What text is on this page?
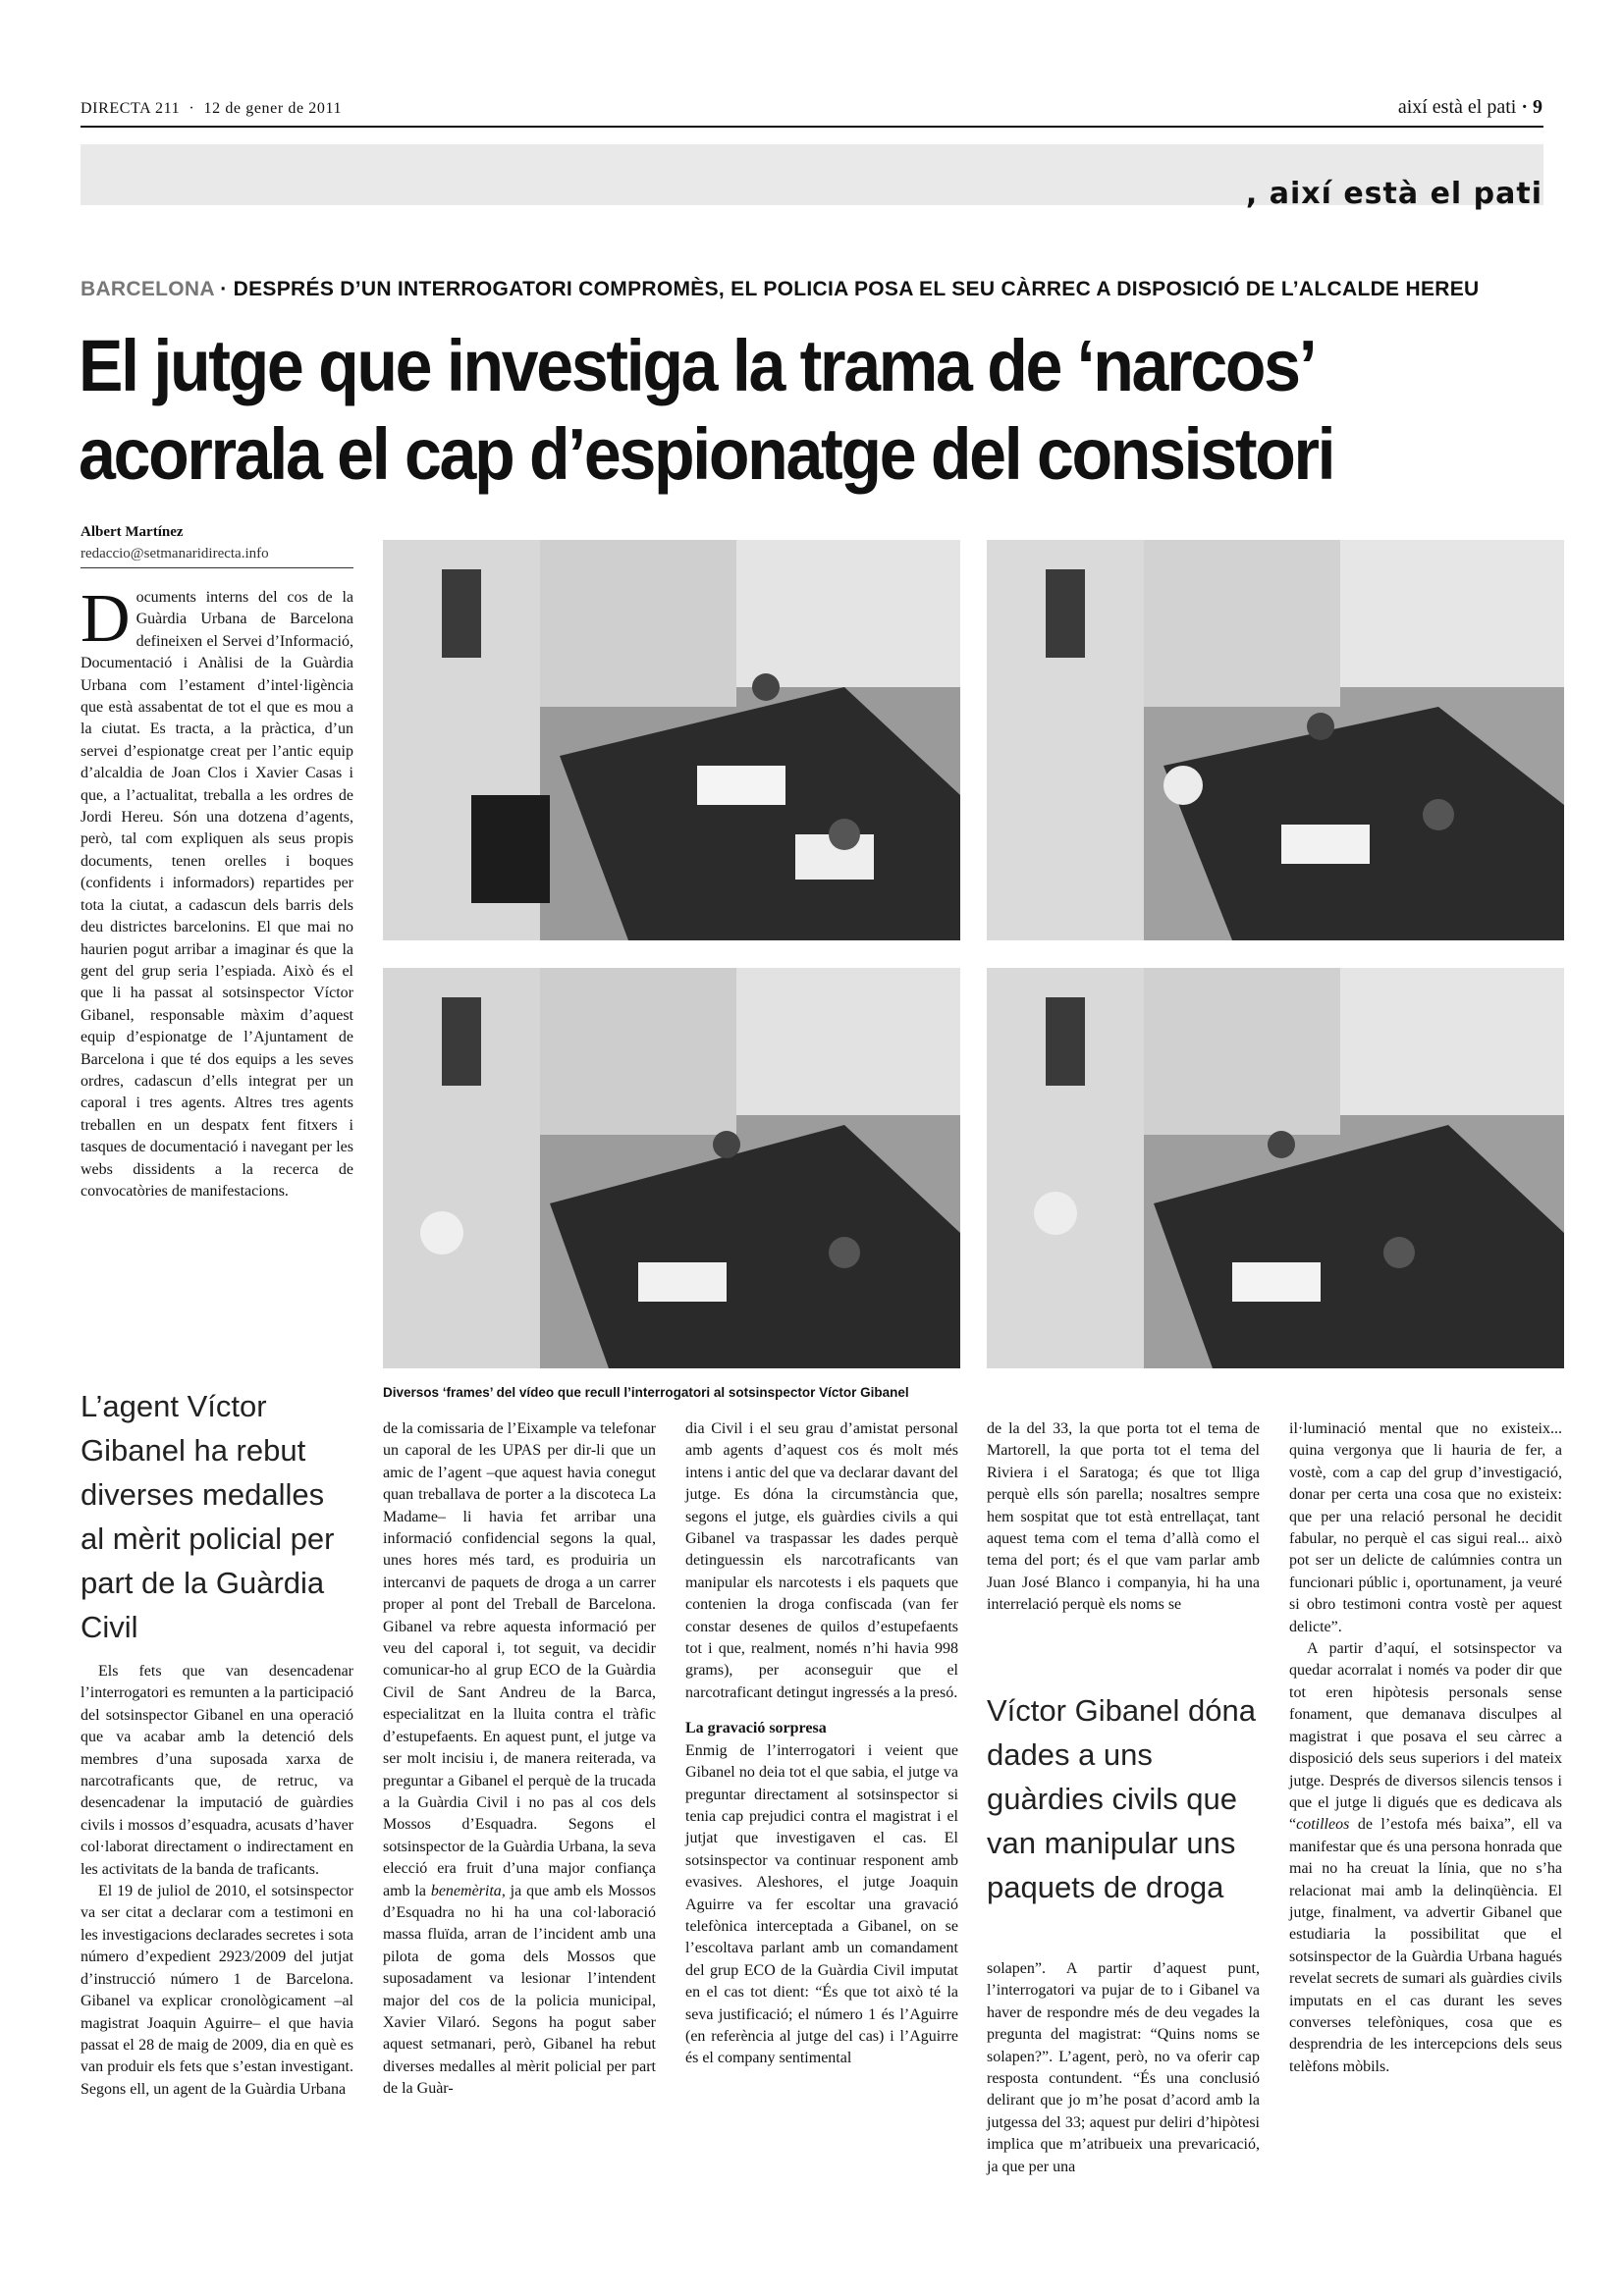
DIRECTA 211 · 12 de gener de 2011	així està el pati · 9
, així està el pati
BARCELONA · DESPRÉS D’UN INTERROGATORI COMPROMÈS, EL POLICIA POSA EL SEU CÀRREC A DISPOSICIÓ DE L’ALCALDE HEREU
El jutge que investiga la trama de ‘narcos’
acorrala el cap d’espionatge del consistori
Albert Martínez
redaccio@setmanaridirecta.info

Documents interns del cos de la Guàrdia Urbana de Barcelona defineixen el Servei d’Informació, Documentació i Anàlisi de la Guàrdia Urbana com l’estament d’intel·ligència que està assabentat de tot el que es mou a la ciutat. Es tracta, a la pràctica, d’un servei d’espionatge creat per l’antic equip d’alcaldia de Joan Clos i Xavier Casas i que, a l’actualitat, treballa a les ordres de Jordi Hereu. Són una dotzena d’agents, però, tal com expliquen als seus propis documents, tenen orelles i boques (confidents i informadors) repartides per tota la ciutat, a cadascun dels barris dels deu districtes barcelonins. El que mai no haurien pogut arribar a imaginar és que la gent del grup seria l’espiada. Això és el que li ha passat al sotsinspector Víctor Gibanel, responsable màxim d’aquest equip d’espionatge de l’Ajuntament de Barcelona i que té dos equips a les seves ordres, cadascun d’ells integrat per un caporal i tres agents. Altres tres agents treballen en un despatx fent fitxers i tasques de documentació i navegant per les webs dissidents a la recerca de convocatòries de manifestacions.

Diversos ‘frames’ del vídeo que recull l’interrogatori al sotsinspector Víctor Gibanel
L’agent Víctor Gibanel ha rebut diverses medalles al mèrit policial per part de la Guàrdia Civil

Els fets que van desencadenar l’interrogatori es remunten a la participació del sotsinspector Gibanel en una operació que va acabar amb la detenció dels membres d’una suposada xarxa de narcotraficants que, de retruc, va desencadenar la imputació de guàrdies civils i mossos d’esquadra, acusats d’haver col·laborat directament o indirectament en les activitats de la banda de traficants.

El 19 de juliol de 2010, el sotsinspector va ser citat a declarar com a testimoni en les investigacions declarades secretes i sota número d’expedient 2923/2009 del jutjat d’instrucció número 1 de Barcelona. Gibanel va explicar cronològicament –al magistrat Joaquin Aguirre– el que havia passat el 28 de maig de 2009, dia en què es van produir els fets que s’estan investigant. Segons ell, un agent de la Guàrdia Urbana

de la comissaria de l’Eixample va telefonar un caporal de les UPAS per dir-li que un amic de l’agent –que aquest havia conegut quan treballava de porter a la discoteca La Madame– li havia fet arribar una informació confidencial segons la qual, unes hores més tard, es produiria un intercanvi de paquets de droga a un carrer proper al pont del Treball de Barcelona. Gibanel va rebre aquesta informació per veu del caporal i, tot seguit, va decidir comunicar-ho al grup ECO de la Guàrdia Civil de Sant Andreu de la Barca, especialitzat en la lluita contra el tràfic d’estupefaents. En aquest punt, el jutge va ser molt incisiu i, de manera reiterada, va preguntar a Gibanel el perquè de la trucada a la Guàrdia Civil i no pas al cos dels Mossos d’Esquadra. Segons el sotsinspector de la Guàrdia Urbana, la seva elecció era fruit d’una major confiança amb la benemèrita, ja que amb els Mossos d’Esquadra no hi ha una col·laboració massa fluïda, arran de l’incident amb una pilota de goma dels Mossos que suposadament va lesionar l’intendent major del cos de la policia municipal, Xavier Vilaró. Segons ha pogut saber aquest setmanari, però, Gibanel ha rebut diverses medalles al mèrit policial per part de la Guàr-

dia Civil i el seu grau d’amistat personal amb agents d’aquest cos és molt més intens i antic del que va declarar davant del jutge. Es dóna la circumstància que, segons el jutge, els guàrdies civils a qui Gibanel va traspassar les dades perquè detinguessin els narcotraficants van manipular els narcotests i els paquets que contenien la droga confiscada (van fer constar desenes de quilos d’estupefaents tot i que, realment, només n’hi havia 998 grams), per aconseguir que el narcotraficant detingut ingressés a la presó.

La gravació sorpresa

Enmig de l’interrogatori i veient que Gibanel no deia tot el que sabia, el jutge va preguntar directament al sotsinspector si tenia cap prejudici contra el magistrat i el jutjat que investigaven el cas. El sotsinspector va continuar responent amb evasives. Aleshores, el jutge Joaquin Aguirre va fer escoltar una gravació telefònica interceptada a Gibanel, on se l’escoltava parlant amb un comandament del grup ECO de la Guàrdia Civil imputat en el cas tot dient: “És que tot això té la seva justificació; el número 1 és l’Aguirre (en referència al jutge del cas) i l’Aguirre és el company sentimental

de la del 33, la que porta tot el tema de Martorell, la que porta tot el tema del Riviera i el Saratoga; és que tot lliga perquè ells són parella; nosaltres sempre hem sospitat que tot està entrellaçat, tant aquest tema com el tema d’allà como el tema del port; és el que vam parlar amb Juan José Blanco i companyia, hi ha una interrelació perquè els noms se

Víctor Gibanel dóna dades a uns guàrdies civils que van manipular uns paquets de droga

solapen”. A partir d’aquest punt, l’interrogatori va pujar de to i Gibanel va haver de respondre més de deu vegades la pregunta del magistrat: “Quins noms se solapen?”. L’agent, però, no va oferir cap resposta contundent. “És una conclusió delirant que jo m’he posat d’acord amb la jutgessa del 33; aquest pur deliri d’hipòtesi implica que m’atribueix una prevaricació, ja que per una

il·luminació mental que no existeix... quina vergonya que li hauria de fer, a vostè, com a cap del grup d’investigació, donar per certa una cosa que no existeix: que per una relació personal he decidit fabular, no perquè el cas sigui real... això pot ser un delicte de calúmnies contra un funcionari públic i, oportunament, ja veuré si obro testimoni contra vostè per aquest delicte”.

A partir d’aquí, el sotsinspector va quedar acorralat i només va poder dir que tot eren hipòtesis personals sense fonament, que demanava disculpes al magistrat i que posava el seu càrrec a disposició dels seus superiors i del mateix jutge. Després de diversos silencis tensos i que el jutge li digués que es dedicava als “cotilleos de l’estofa més baixa”, ell va manifestar que és una persona honrada que mai no ha creuat la línia, que no s’ha relacionat mai amb la delinqüència. El jutge, finalment, va advertir Gibanel que estudiaria la possibilitat que el sotsinspector de la Guàrdia Urbana hagués revelat secrets de sumari als guàrdies civils imputats en el cas durant les seves converses telefòniques, cosa que es desprendria de les intercepcions dels seus telèfons mòbils.
